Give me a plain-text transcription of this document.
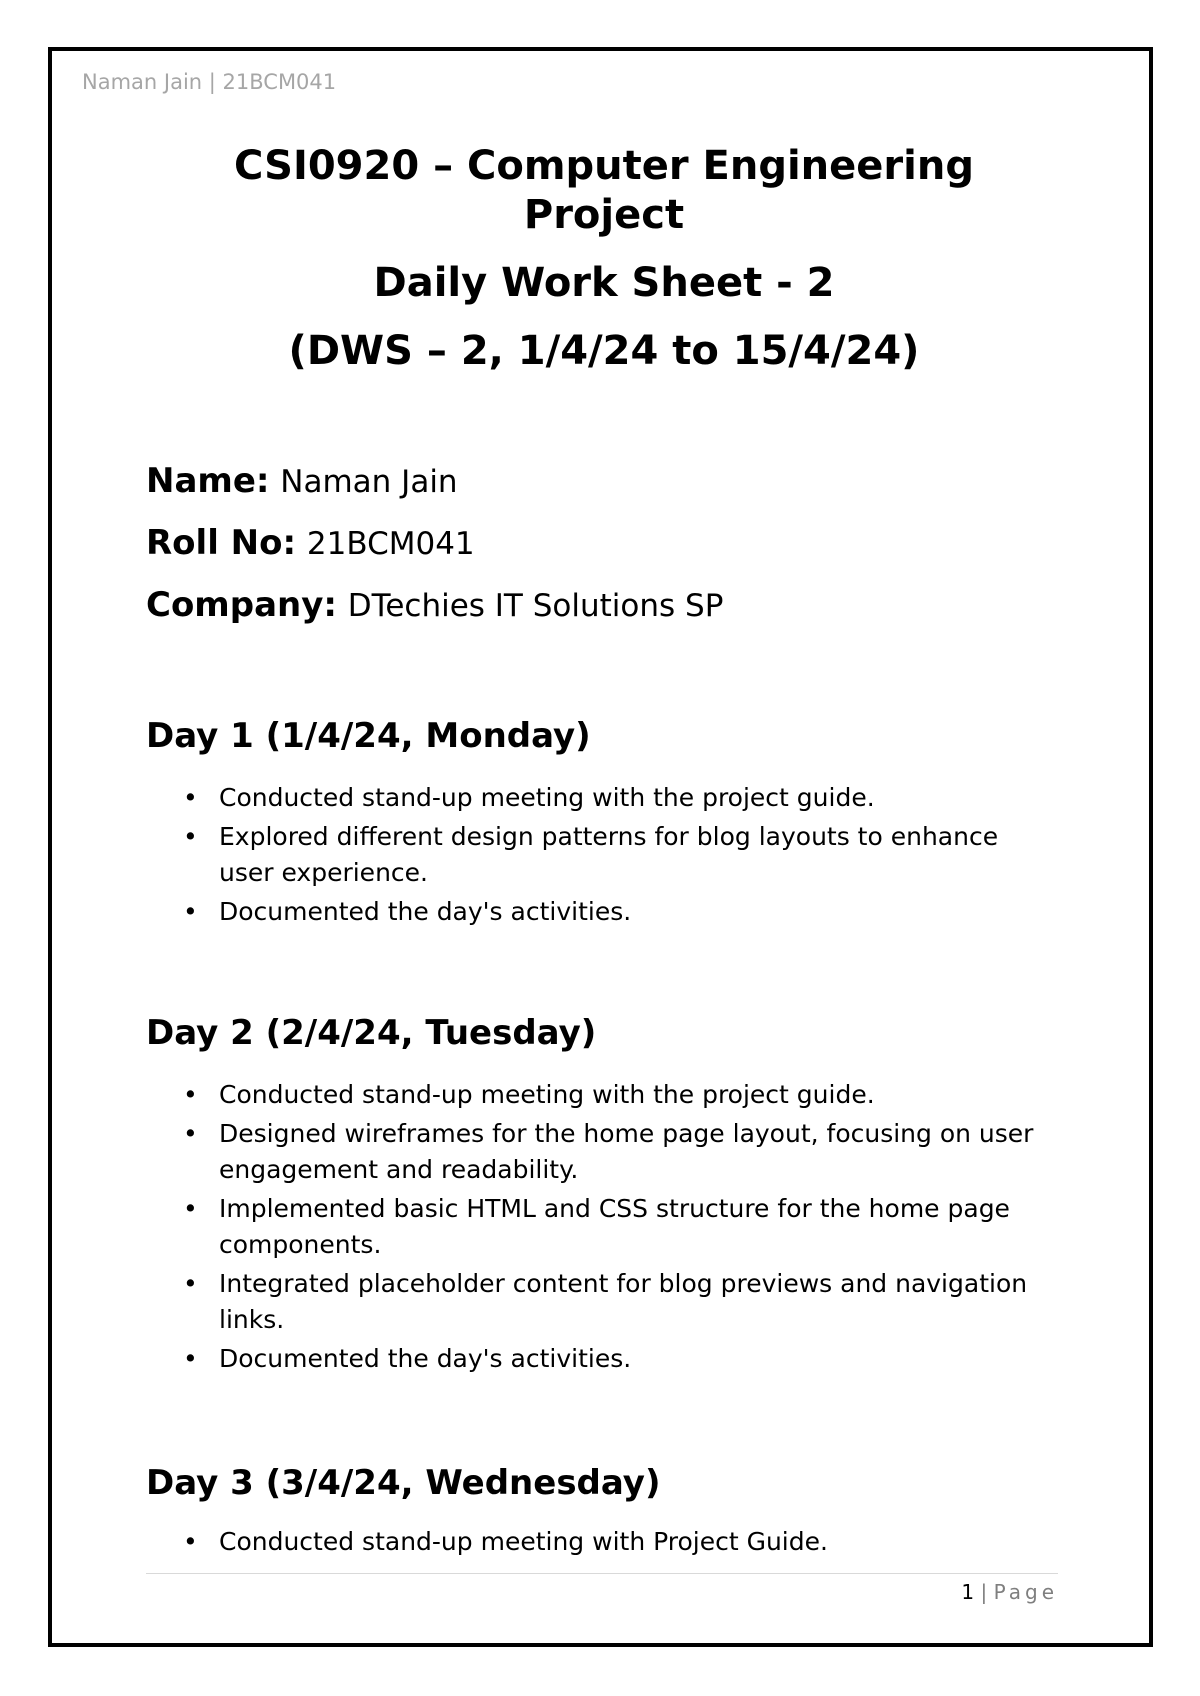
Naman Jain | 21BCM041
CSI0920 – Computer Engineering
Project
Daily Work Sheet - 2
(DWS – 2, 1/4/24 to 15/4/24)
Name: Naman Jain
Roll No: 21BCM041
Company: DTechies IT Solutions SP
Day 1 (1/4/24, Monday)
• Conducted stand-up meeting with the project guide.
• Explored different design patterns for blog layouts to enhance user experience.
• Documented the day's activities.
Day 2 (2/4/24, Tuesday)
• Conducted stand-up meeting with the project guide.
• Designed wireframes for the home page layout, focusing on user engagement and readability.
• Implemented basic HTML and CSS structure for the home page components.
• Integrated placeholder content for blog previews and navigation links.
• Documented the day's activities.
Day 3 (3/4/24, Wednesday)
• Conducted stand-up meeting with Project Guide.
1 | Page
